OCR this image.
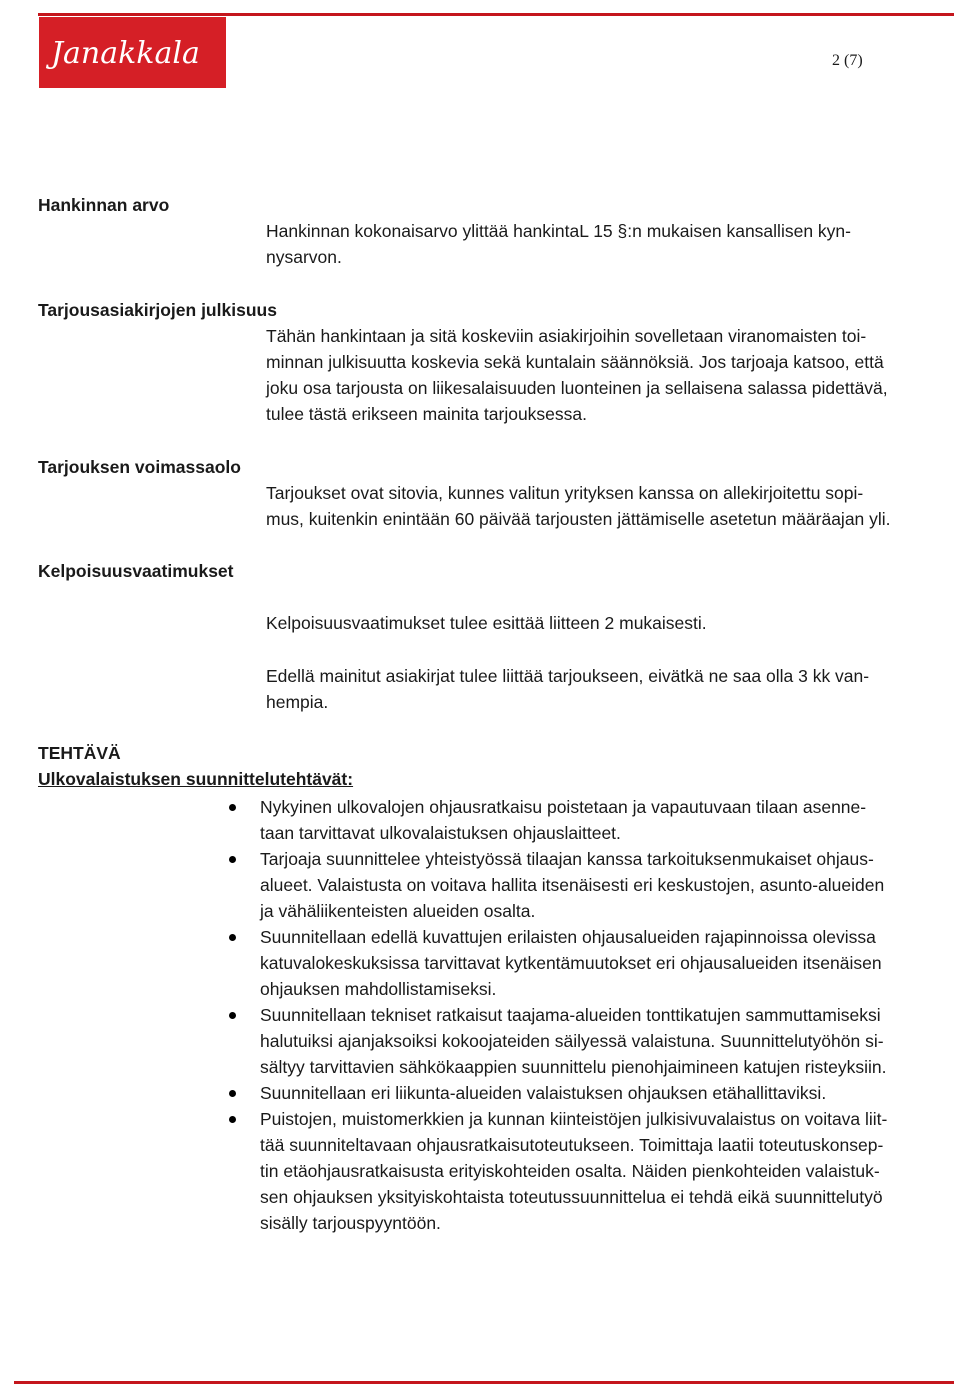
Janakkala	2 (7)
Hankinnan arvo
Hankinnan kokonaisarvo ylittää hankintaL 15 §:n mukaisen kansallisen kyn-
nysarvon.
Tarjousasiakirjojen julkisuus
Tähän hankintaan ja sitä koskeviin asiakirjoihin sovelletaan viranomaisten toi-
minnan julkisuutta koskevia sekä kuntalain säännöksiä. Jos tarjoaja katsoo, että
joku osa tarjousta on liikesalaisuuden luonteinen ja sellaisena salassa pidettävä,
tulee tästä erikseen mainita tarjouksessa.
Tarjouksen voimassaolo
Tarjoukset ovat sitovia, kunnes valitun yrityksen kanssa on allekirjoitettu sopi-
mus, kuitenkin enintään 60 päivää tarjousten jättämiselle asetetun määräajan yli.
Kelpoisuusvaatimukset
Kelpoisuusvaatimukset tulee esittää liitteen 2 mukaisesti.
Edellä mainitut asiakirjat tulee liittää tarjoukseen, eivätkä ne saa olla 3 kk van-
hempia.
TEHTÄVÄ
Ulkovalaistuksen suunnittelutehtävät:
Nykyinen ulkovalojen ohjausratkaisu poistetaan ja vapautuvaan tilaan asenne-
taan tarvittavat ulkovalaistuksen ohjauslaitteet.
Tarjoaja suunnittelee yhteistyössä tilaajan kanssa tarkoituksenmukaiset ohjaus-
alueet. Valaistusta on voitava hallita itsenäisesti eri keskustojen, asunto-alueiden
ja vähäliikenteisten alueiden osalta.
Suunnitellaan edellä kuvattujen erilaisten ohjausalueiden rajapinnoissa olevissa
katuvalokeskuksissa tarvittavat kytkentämuutokset eri ohjausalueiden itsenäisen
ohjauksen mahdollistamiseksi.
Suunnitellaan tekniset ratkaisut taajama-alueiden tonttikatujen sammuttamiseksi
halutuiksi ajanjaksoiksi kokoojateiden säilyessä valaistuna. Suunnittelutyöhön si-
sältyy tarvittavien sähkökaappien suunnittelu pienohjaimineen katujen risteyksiin.
Suunnitellaan eri liikunta-alueiden valaistuksen ohjauksen etähallittaviksi.
Puistojen, muistomerkkien ja kunnan kiinteistöjen julkisivuvalaistus on voitava liit-
tää suunniteltavaan ohjausratkaisutoteutukseen. Toimittaja laatii toteutuskonsep-
tin etäohjausratkaisusta erityiskohteiden osalta. Näiden pienkohteiden valaistuk-
sen ohjauksen yksityiskohtaista toteutussuunnittelua ei tehdä eikä suunnittelutyö
sisälly tarjouspyyntöön.
